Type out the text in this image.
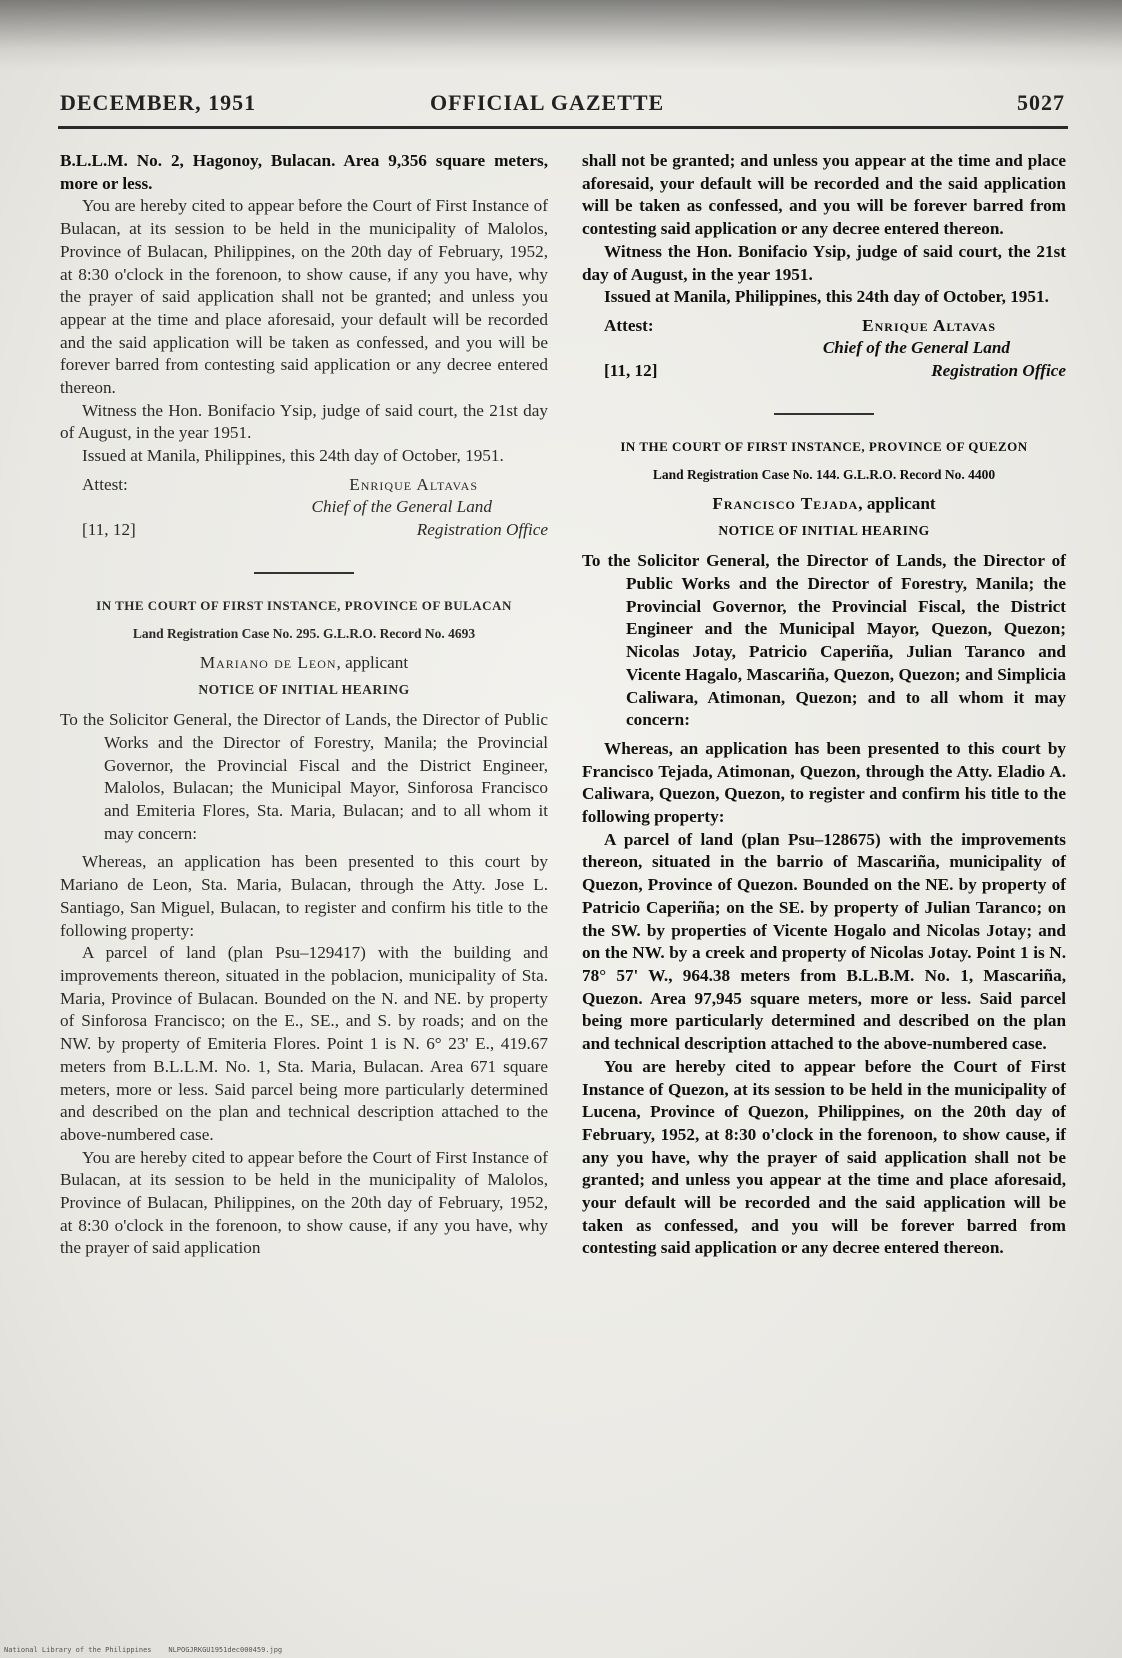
DECEMBER, 1951	OFFICIAL GAZETTE	5027

B.L.L.M. No. 2, Hagonoy, Bulacan. Area 9,356 square meters, more or less.

You are hereby cited to appear before the Court of First Instance of Bulacan, at its session to be held in the municipality of Malolos, Province of Bulacan, Philippines, on the 20th day of February, 1952, at 8:30 o'clock in the forenoon, to show cause, if any you have, why the prayer of said application shall not be granted; and unless you appear at the time and place aforesaid, your default will be recorded and the said application will be taken as confessed, and you will be forever barred from contesting said application or any decree entered thereon.

Witness the Hon. Bonifacio Ysip, judge of said court, the 21st day of August, in the year 1951.

Issued at Manila, Philippines, this 24th day of October, 1951.

Attest:	Enrique Altavas
Chief of the General Land
[11, 12]	Registration Office
IN THE COURT OF FIRST INSTANCE, PROVINCE OF BULACAN
Land Registration Case No. 295. G.L.R.O. Record No. 4693
Mariano de Leon, applicant
NOTICE OF INITIAL HEARING

To the Solicitor General, the Director of Lands, the Director of Public Works and the Director of Forestry, Manila; the Provincial Governor, the Provincial Fiscal and the District Engineer, Malolos, Bulacan; the Municipal Mayor, Sinforosa Francisco and Emiteria Flores, Sta. Maria, Bulacan; and to all whom it may concern:

Whereas, an application has been presented to this court by Mariano de Leon, Sta. Maria, Bulacan, through the Atty. Jose L. Santiago, San Miguel, Bulacan, to register and confirm his title to the following property:

A parcel of land (plan Psu–129417) with the building and improvements thereon, situated in the poblacion, municipality of Sta. Maria, Province of Bulacan. Bounded on the N. and NE. by property of Sinforosa Francisco; on the E., SE., and S. by roads; and on the NW. by property of Emiteria Flores. Point 1 is N. 6° 23' E., 419.67 meters from B.L.L.M. No. 1, Sta. Maria, Bulacan. Area 671 square meters, more or less. Said parcel being more particularly determined and described on the plan and technical description attached to the above-numbered case.

You are hereby cited to appear before the Court of First Instance of Bulacan, at its session to be held in the municipality of Malolos, Province of Bulacan, Philippines, on the 20th day of February, 1952, at 8:30 o'clock in the forenoon, to show cause, if any you have, why the prayer of said application

shall not be granted; and unless you appear at the time and place aforesaid, your default will be recorded and the said application will be taken as confessed, and you will be forever barred from contesting said application or any decree entered thereon.

Witness the Hon. Bonifacio Ysip, judge of said court, the 21st day of August, in the year 1951.

Issued at Manila, Philippines, this 24th day of October, 1951.

Attest:	Enrique Altavas
Chief of the General Land
[11, 12]	Registration Office
IN THE COURT OF FIRST INSTANCE, PROVINCE OF QUEZON
Land Registration Case No. 144. G.L.R.O. Record No. 4400
Francisco Tejada, applicant
NOTICE OF INITIAL HEARING

To the Solicitor General, the Director of Lands, the Director of Public Works and the Director of Forestry, Manila; the Provincial Governor, the Provincial Fiscal, the District Engineer and the Municipal Mayor, Quezon, Quezon; Nicolas Jotay, Patricio Caperiña, Julian Taranco and Vicente Hagalo, Mascariña, Quezon, Quezon; and Simplicia Caliwara, Atimonan, Quezon; and to all whom it may concern:

Whereas, an application has been presented to this court by Francisco Tejada, Atimonan, Quezon, through the Atty. Eladio A. Caliwara, Quezon, Quezon, to register and confirm his title to the following property:

A parcel of land (plan Psu–128675) with the improvements thereon, situated in the barrio of Mascariña, municipality of Quezon, Province of Quezon. Bounded on the NE. by property of Patricio Caperiña; on the SE. by property of Julian Taranco; on the SW. by properties of Vicente Hogalo and Nicolas Jotay; and on the NW. by a creek and property of Nicolas Jotay. Point 1 is N. 78° 57' W., 964.38 meters from B.L.B.M. No. 1, Mascariña, Quezon. Area 97,945 square meters, more or less. Said parcel being more particularly determined and described on the plan and technical description attached to the above-numbered case.

You are hereby cited to appear before the Court of First Instance of Quezon, at its session to be held in the municipality of Lucena, Province of Quezon, Philippines, on the 20th day of February, 1952, at 8:30 o'clock in the forenoon, to show cause, if any you have, why the prayer of said application shall not be granted; and unless you appear at the time and place aforesaid, your default will be recorded and the said application will be taken as confessed, and you will be forever barred from contesting said application or any decree entered thereon.

National Library of the Philippines    NLPOGJRKGU1951dec000459.jpg
